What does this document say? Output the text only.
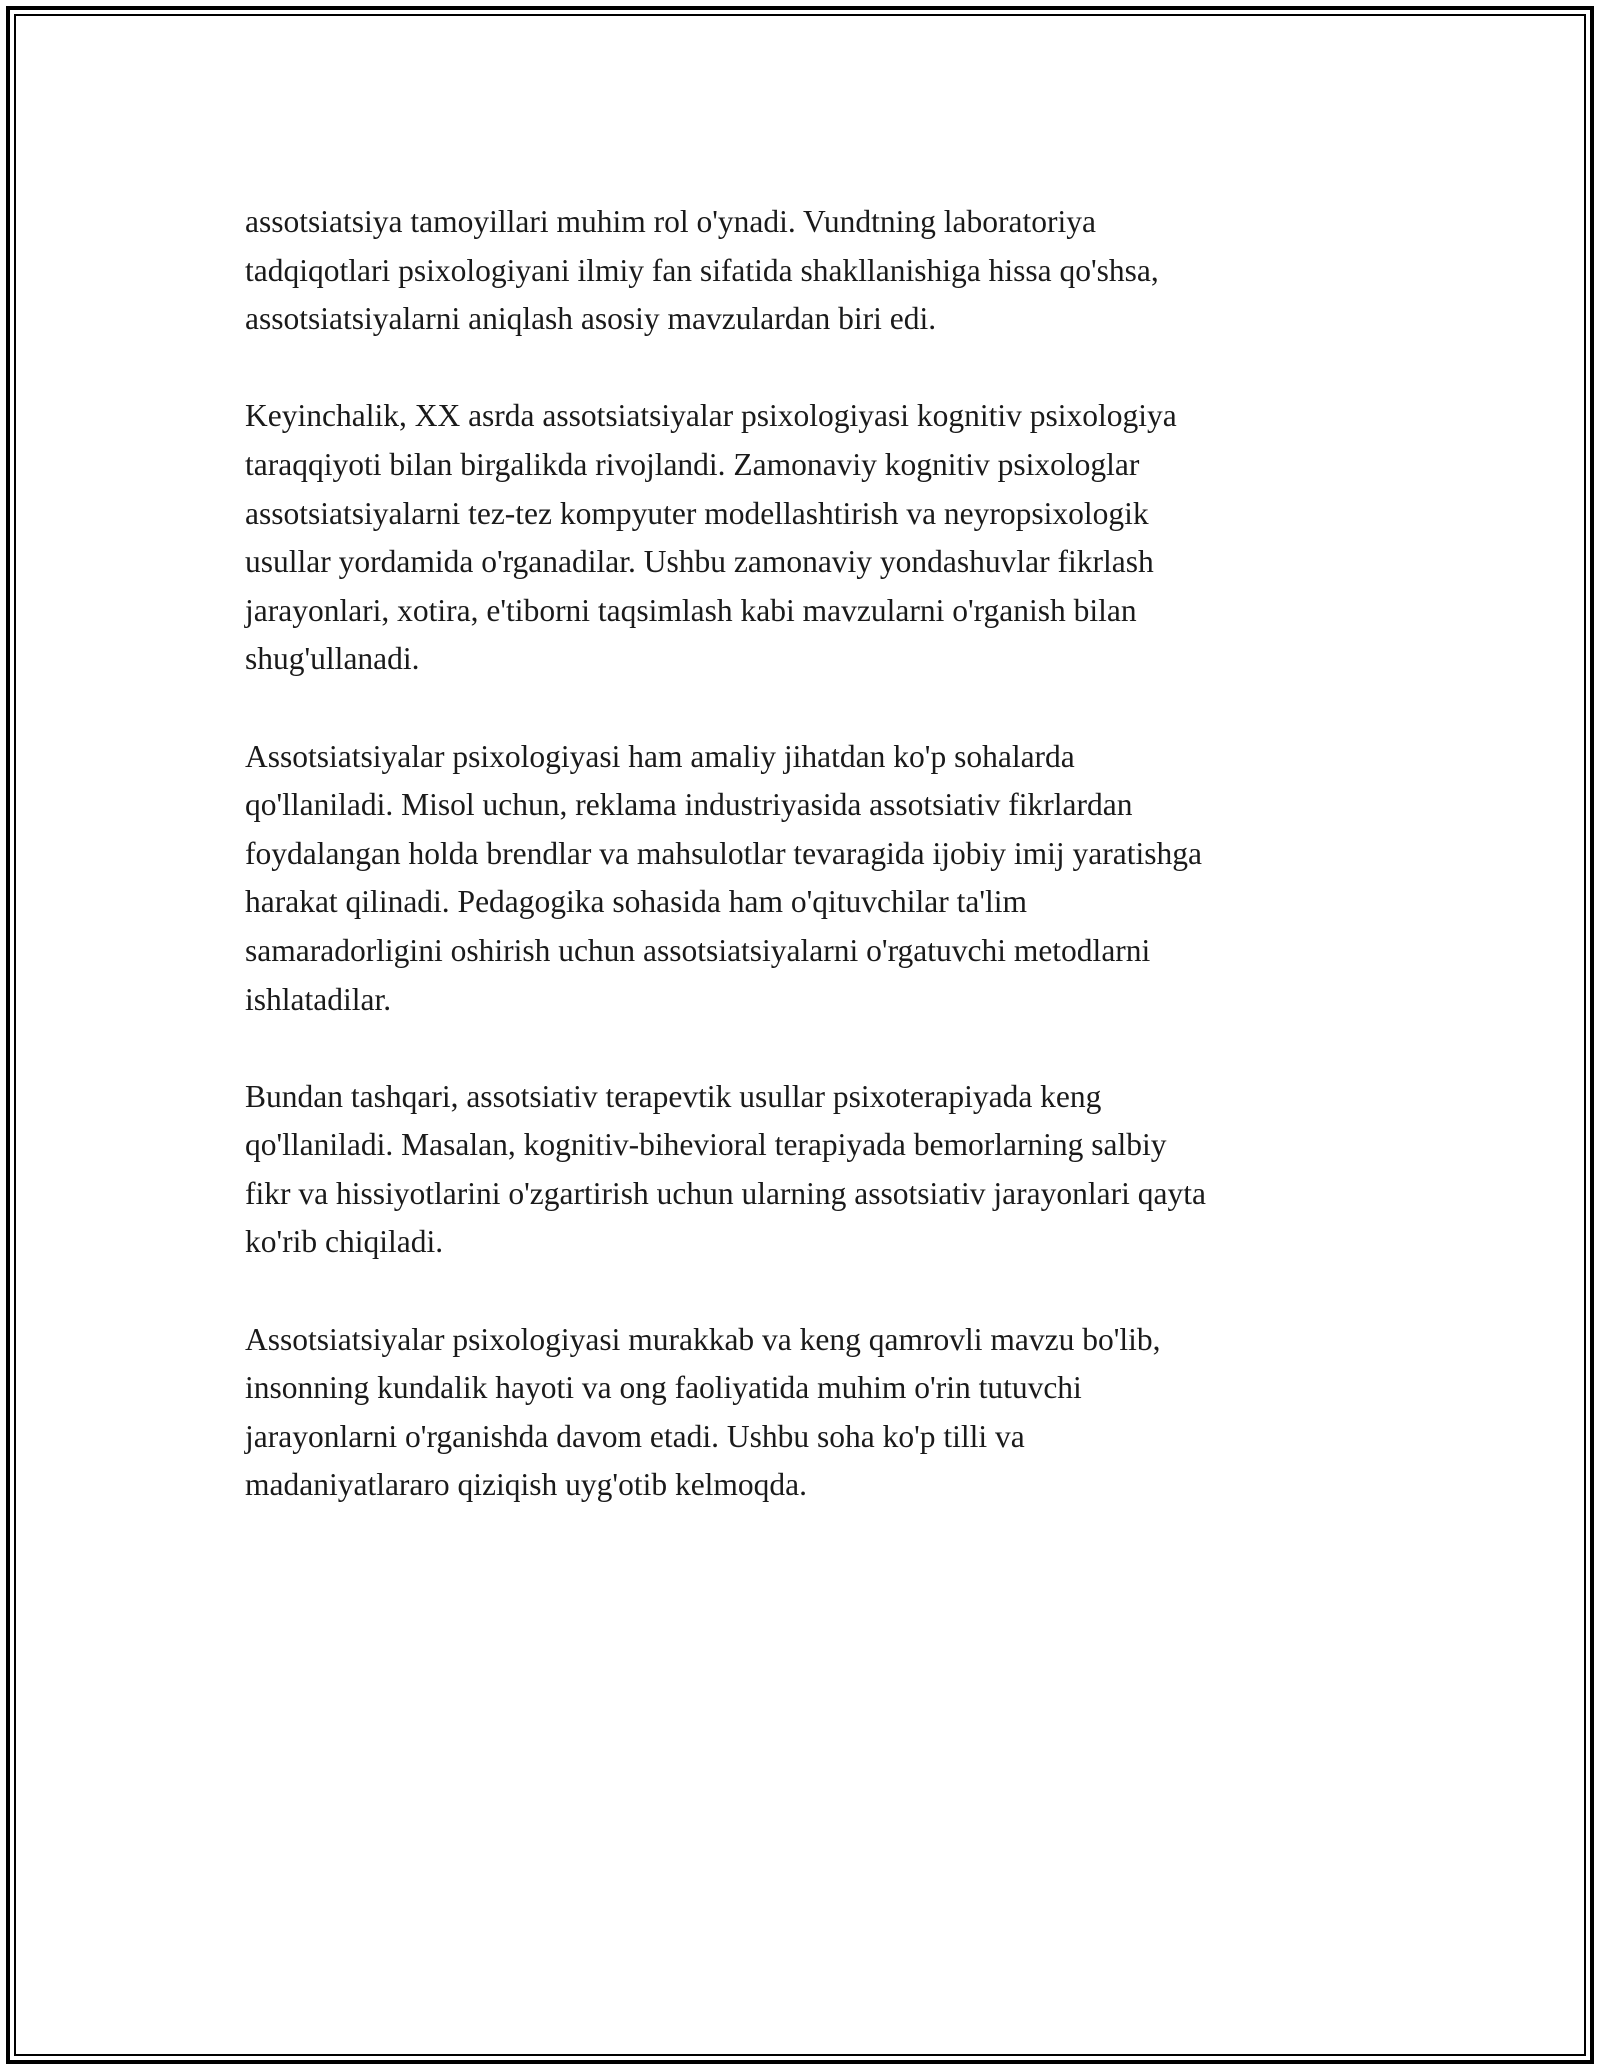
assotsiatsiya tamoyillari muhim rol o'ynadi. Vundtning laboratoriya
tadqiqotlari psixologiyani ilmiy fan sifatida shakllanishiga hissa qo'shsa,
assotsiatsiyalarni aniqlash asosiy mavzulardan biri edi.

Keyinchalik, XX asrda assotsiatsiyalar psixologiyasi kognitiv psixologiya
taraqqiyoti bilan birgalikda rivojlandi. Zamonaviy kognitiv psixologlar
assotsiatsiyalarni tez-tez kompyuter modellashtirish va neyropsixologik
usullar yordamida o'rganadilar. Ushbu zamonaviy yondashuvlar fikrlash
jarayonlari, xotira, e'tiborni taqsimlash kabi mavzularni o'rganish bilan
shug'ullanadi.

Assotsiatsiyalar psixologiyasi ham amaliy jihatdan ko'p sohalarda
qo'llaniladi. Misol uchun, reklama industriyasida assotsiativ fikrlardan
foydalangan holda brendlar va mahsulotlar tevaragida ijobiy imij yaratishga
harakat qilinadi. Pedagogika sohasida ham o'qituvchilar ta'lim
samaradorligini oshirish uchun assotsiatsiyalarni o'rgatuvchi metodlarni
ishlatadilar.

Bundan tashqari, assotsiativ terapevtik usullar psixoterapiyada keng
qo'llaniladi. Masalan, kognitiv-bihevioral terapiyada bemorlarning salbiy
fikr va hissiyotlarini o'zgartirish uchun ularning assotsiativ jarayonlari qayta
ko'rib chiqiladi.

Assotsiatsiyalar psixologiyasi murakkab va keng qamrovli mavzu bo'lib,
insonning kundalik hayoti va ong faoliyatida muhim o'rin tutuvchi
jarayonlarni o'rganishda davom etadi. Ushbu soha ko'p tilli va
madaniyatlararo qiziqish uyg'otib kelmoqda.
